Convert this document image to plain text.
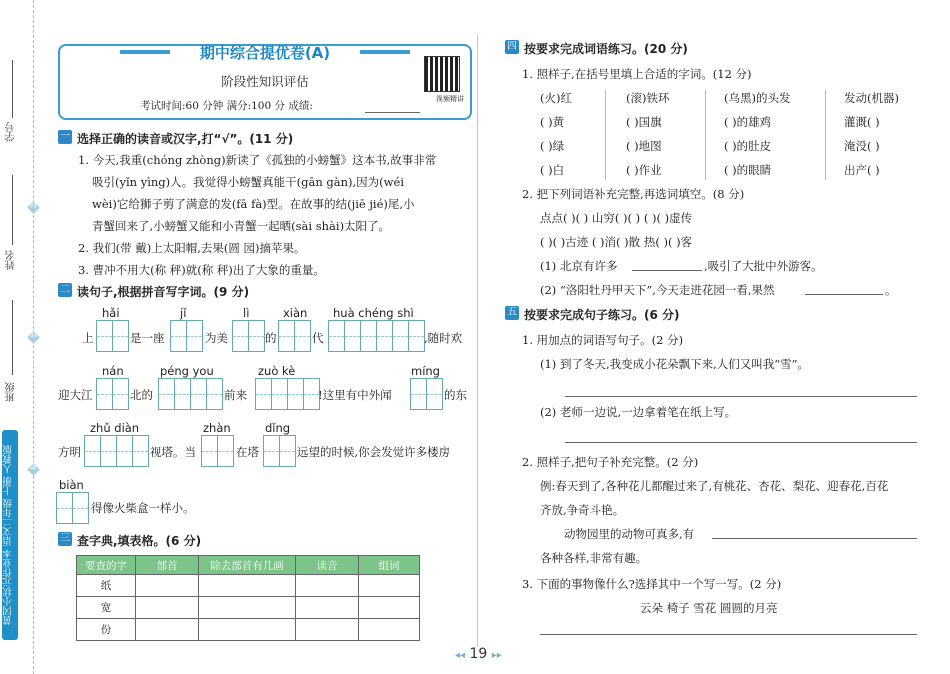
学号
封
姓名
线
班级
密
黄冈小状元作业本 语文二年级 上册 人教版
期中综合提优卷(A)
阶段性知识评估
考试时间:60 分钟 满分:100 分 成绩:
视频精讲
一 选择正确的读音或汉字,打“√”。(11 分)
1. 今天,我重(chóng zhòng)新读了《孤独的小螃蟹》这本书,故事非常
吸引(yǐn yìng)人。我觉得小螃蟹真能干(gān gàn),因为(wéi
wèi)它给狮子剪了满意的发(fā fà)型。在故事的结(jiē jié)尾,小
青蟹回来了,小螃蟹又能和小青蟹一起晒(sài shài)太阳了。
2. 我们(带 戴)上太阳帽,去果(圆 园)摘苹果。
3. 曹冲不用大(称 秤)就(称 秤)出了大象的重量。
二 读句子,根据拼音写字词。(9 分)
hǎi	jǐ	lì	xiàn huà chéng shì
上	是一座	为美	的	代	,随时欢
nán	péng you	zuò kè	míng
迎大江	北的	前来	!这里有中外闻	的东
zhǔ diàn	zhàn	dǐng
方明	视塔。当	在塔	远望的时候,你会发觉许多楼房
biàn
得像火柴盒一样小。
三 查字典,填表格。(6 分)
要查的字	部首	除去部首有几画	读音	组词
纸				
宽				
份				
四 按要求完成词语练习。(20 分)
1. 照样子,在括号里填上合适的字词。(12 分)
(火)红	(滚)铁环	(乌黑)的头发	发动(机器)
( )黄	( )国旗	( )的雄鸡	灌溉( )
( )绿	( )地图	( )的肚皮	淹没( )
( )白	( )作业	( )的眼睛	出产( )
2. 把下列词语补充完整,再选词填空。(8 分)
点点( )( ) 山穷( )( ) ( )( )虚传
( )( )古迹 ( )消( )散 热( )( )客
(1) 北京有许多	,吸引了大批中外游客。
(2) “洛阳牡丹甲天下”,今天走进花园一看,果然	。
五 按要求完成句子练习。(6 分)
1. 用加点的词语写句子。(2 分)
(1) 到了冬天,我变成小花朵飘下来,人们又叫我“雪”。
(2) 老师一边说,一边拿着笔在纸上写。
2. 照样子,把句子补充完整。(2 分)
例:春天到了,各种花儿都醒过来了,有桃花、杏花、梨花、迎春花,百花
齐放,争奇斗艳。
动物园里的动物可真多,有
各种各样,非常有趣。
3. 下面的事物像什么?选择其中一个写一写。(2 分)
云朵 椅子 雪花 圆圆的月亮
◂◂ 19 ▸▸
